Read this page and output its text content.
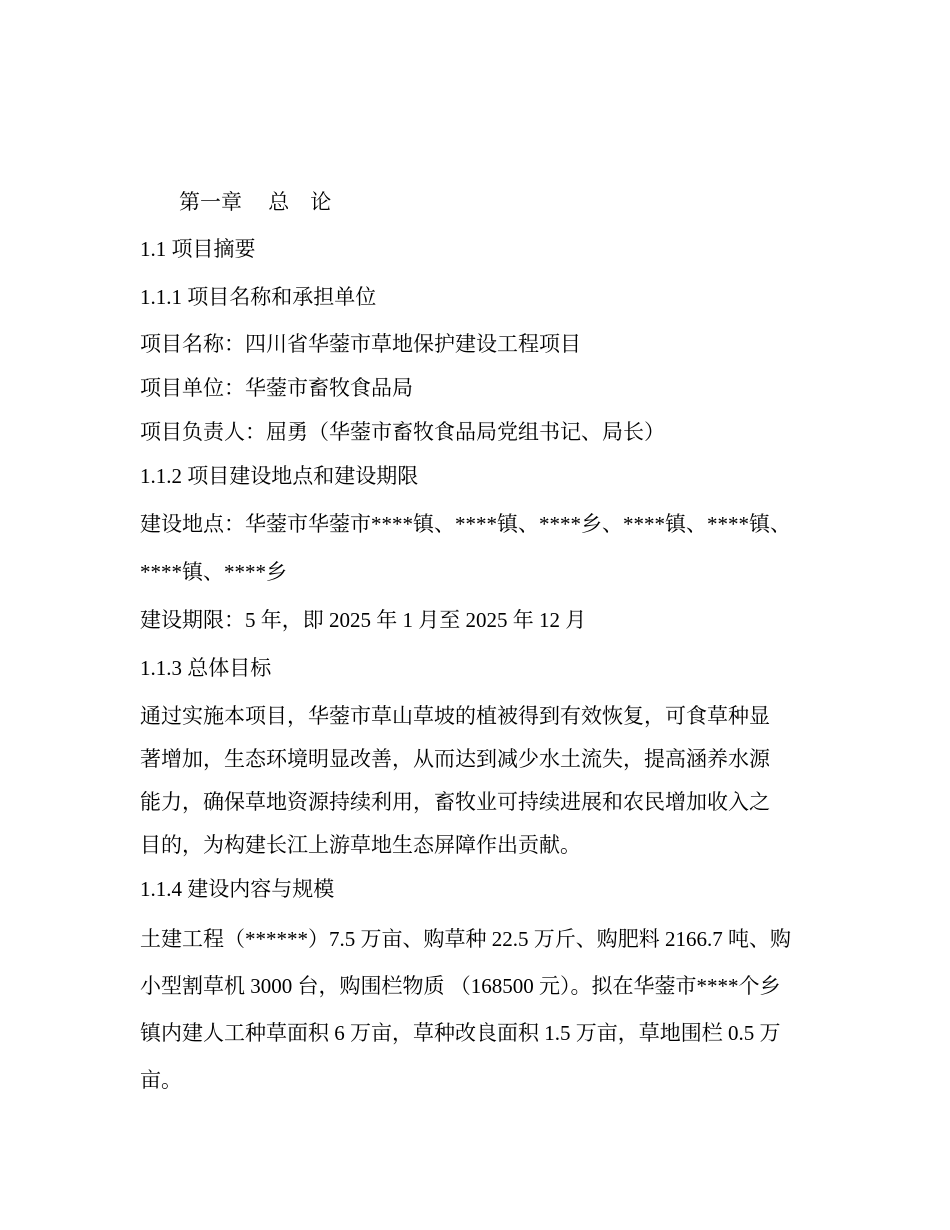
第一章　 总　论
1.1 项目摘要
1.1.1 项目名称和承担单位
项目名称：四川省华蓥市草地保护建设工程项目
项目单位：华蓥市畜牧食品局
项目负责人：屈勇（华蓥市畜牧食品局党组书记、局长）
1.1.2 项目建设地点和建设期限
建设地点：华蓥市华蓥市****镇、****镇、****乡、****镇、****镇、
****镇、****乡
建设期限：5 年，即 2025 年 1 月至 2025 年 12 月
1.1.3 总体目标
通过实施本项目，华蓥市草山草坡的植被得到有效恢复，可食草种显
著增加，生态环境明显改善，从而达到减少水土流失，提高涵养水源
能力，确保草地资源持续利用，畜牧业可持续进展和农民增加收入之
目的，为构建长江上游草地生态屏障作出贡献。
1.1.4 建设内容与规模
土建工程（******）7.5 万亩、购草种 22.5 万斤、购肥料 2166.7 吨、购
小型割草机 3000 台，购围栏物质 （168500 元）。拟在华蓥市****个乡
镇内建人工种草面积 6 万亩，草种改良面积 1.5 万亩，草地围栏 0.5 万
亩。
